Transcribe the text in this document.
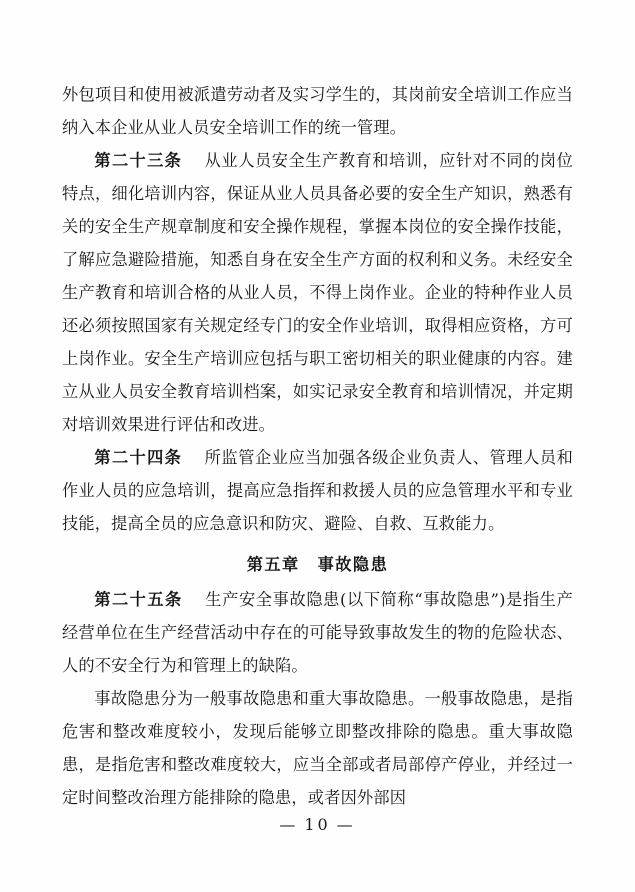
外包项目和使用被派遣劳动者及实习学生的，其岗前安全培训工作应当纳入本企业从业人员安全培训工作的统一管理。

第二十三条 　 从业人员安全生产教育和培训，应针对不同的岗位特点，细化培训内容，保证从业人员具备必要的安全生产知识，熟悉有关的安全生产规章制度和安全操作规程，掌握本岗位的安全操作技能，了解应急避险措施，知悉自身在安全生产方面的权利和义务。未经安全生产教育和培训合格的从业人员，不得上岗作业。企业的特种作业人员还必须按照国家有关规定经专门的安全作业培训，取得相应资格，方可上岗作业。安全生产培训应包括与职工密切相关的职业健康的内容。建立从业人员安全教育培训档案，如实记录安全教育和培训情况，并定期对培训效果进行评估和改进。

第二十四条 　 所监管企业应当加强各级企业负责人、管理人员和作业人员的应急培训，提高应急指挥和救援人员的应急管理水平和专业技能，提高全员的应急意识和防灾、避险、自救、互救能力。

第五章 事故隐患

第二十五条 　 生产安全事故隐患(以下简称“事故隐患”)是指生产经营单位在生产经营活动中存在的可能导致事故发生的物的危险状态、人的不安全行为和管理上的缺陷。

事故隐患分为一般事故隐患和重大事故隐患。一般事故隐患，是指危害和整改难度较小，发现后能够立即整改排除的隐患。重大事故隐患，是指危害和整改难度较大，应当全部或者局部停产停业，并经过一定时间整改治理方能排除的隐患，或者因外部因

— 10 —
